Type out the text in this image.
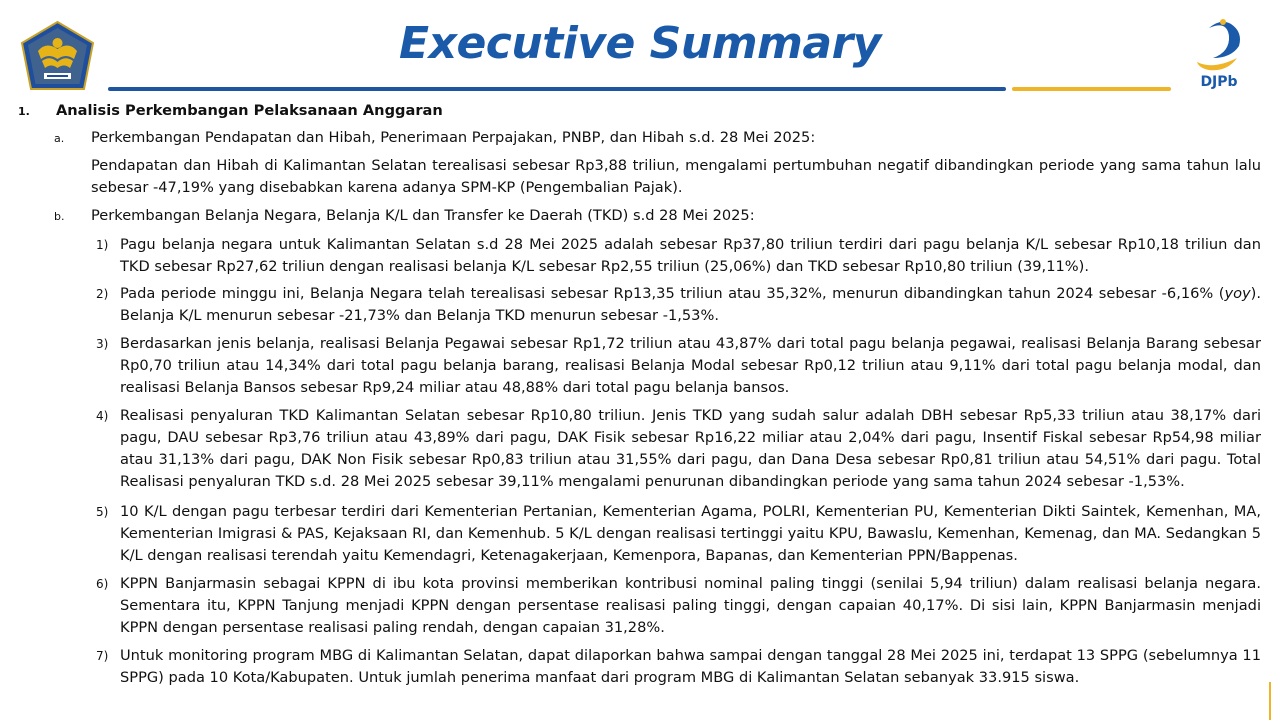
Executive Summary
DJPb
1. Analisis Perkembangan Pelaksanaan Anggaran
a. Perkembangan Pendapatan dan Hibah, Penerimaan Perpajakan, PNBP, dan Hibah s.d. 28 Mei 2025:
Pendapatan dan Hibah di Kalimantan Selatan terealisasi sebesar Rp3,88 triliun, mengalami pertumbuhan negatif dibandingkan periode yang sama tahun lalu sebesar -47,19% yang disebabkan karena adanya SPM-KP (Pengembalian Pajak).
b. Perkembangan Belanja Negara, Belanja K/L dan Transfer ke Daerah (TKD) s.d 28 Mei 2025:
1) Pagu belanja negara untuk Kalimantan Selatan s.d 28 Mei 2025 adalah sebesar Rp37,80 triliun terdiri dari pagu belanja K/L sebesar Rp10,18 triliun dan TKD sebesar Rp27,62 triliun dengan realisasi belanja K/L sebesar Rp2,55 triliun (25,06%) dan TKD sebesar Rp10,80 triliun (39,11%).
2) Pada periode minggu ini, Belanja Negara telah terealisasi sebesar Rp13,35 triliun atau 35,32%, menurun dibandingkan tahun 2024 sebesar -6,16% (yoy). Belanja K/L menurun sebesar -21,73% dan Belanja TKD menurun sebesar -1,53%.
3) Berdasarkan jenis belanja, realisasi Belanja Pegawai sebesar Rp1,72 triliun atau 43,87% dari total pagu belanja pegawai, realisasi Belanja Barang sebesar Rp0,70 triliun atau 14,34% dari total pagu belanja barang, realisasi Belanja Modal sebesar Rp0,12 triliun atau 9,11% dari total pagu belanja modal, dan realisasi Belanja Bansos sebesar Rp9,24 miliar atau 48,88% dari total pagu belanja bansos.
4) Realisasi penyaluran TKD Kalimantan Selatan sebesar Rp10,80 triliun. Jenis TKD yang sudah salur adalah DBH sebesar Rp5,33 triliun atau 38,17% dari pagu, DAU sebesar Rp3,76 triliun atau 43,89% dari pagu, DAK Fisik sebesar Rp16,22 miliar atau 2,04% dari pagu, Insentif Fiskal sebesar Rp54,98 miliar atau 31,13% dari pagu, DAK Non Fisik sebesar Rp0,83 triliun atau 31,55% dari pagu, dan Dana Desa sebesar Rp0,81 triliun atau 54,51% dari pagu. Total Realisasi penyaluran TKD s.d. 28 Mei 2025 sebesar 39,11% mengalami penurunan dibandingkan periode yang sama tahun 2024 sebesar -1,53%.
5) 10 K/L dengan pagu terbesar terdiri dari Kementerian Pertanian, Kementerian Agama, POLRI, Kementerian PU, Kementerian Dikti Saintek, Kemenhan, MA, Kementerian Imigrasi & PAS, Kejaksaan RI, dan Kemenhub. 5 K/L dengan realisasi tertinggi yaitu KPU, Bawaslu, Kemenhan, Kemenag, dan MA. Sedangkan 5 K/L dengan realisasi terendah yaitu Kemendagri, Ketenagakerjaan, Kemenpora, Bapanas, dan Kementerian PPN/Bappenas.
6) KPPN Banjarmasin sebagai KPPN di ibu kota provinsi memberikan kontribusi nominal paling tinggi (senilai 5,94 triliun) dalam realisasi belanja negara. Sementara itu, KPPN Tanjung menjadi KPPN dengan persentase realisasi paling tinggi, dengan capaian 40,17%. Di sisi lain, KPPN Banjarmasin menjadi KPPN dengan persentase realisasi paling rendah, dengan capaian 31,28%.
7) Untuk monitoring program MBG di Kalimantan Selatan, dapat dilaporkan bahwa sampai dengan tanggal 28 Mei 2025 ini, terdapat 13 SPPG (sebelumnya 11 SPPG) pada 10 Kota/Kabupaten. Untuk jumlah penerima manfaat dari program MBG di Kalimantan Selatan sebanyak 33.915 siswa.
